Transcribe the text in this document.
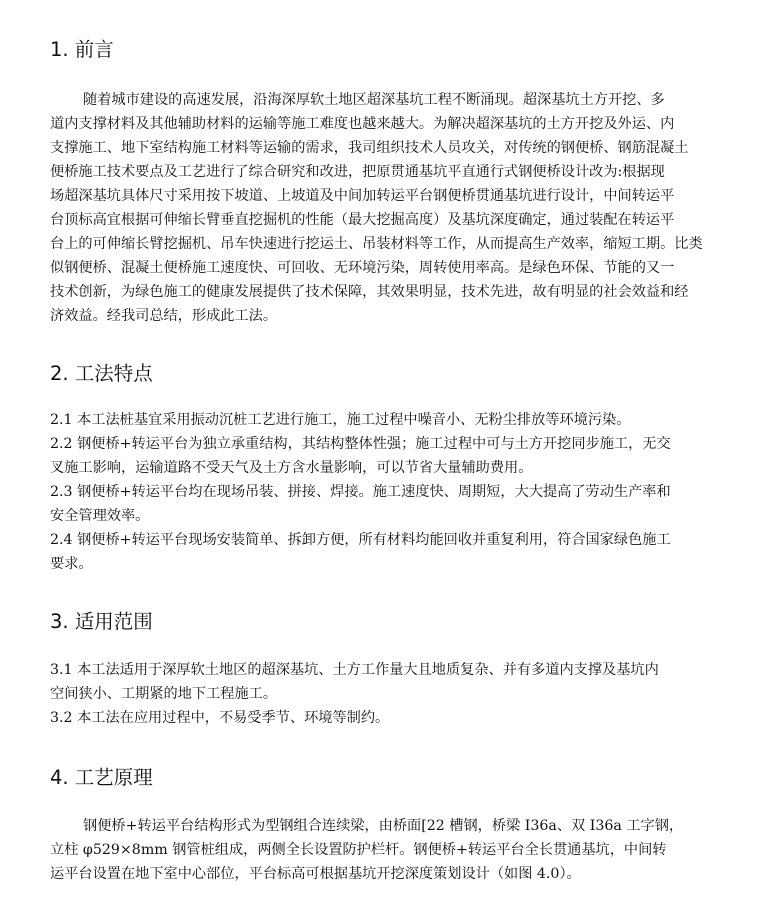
1. 前言

随着城市建设的高速发展，沿海深厚软土地区超深基坑工程不断涌现。超深基坑土方开挖、多

道内支撑材料及其他辅助材料的运输等施工难度也越来越大。为解决超深基坑的土方开挖及外运、内

支撑施工、地下室结构施工材料等运输的需求，我司组织技术人员攻关，对传统的钢便桥、钢筋混凝土

便桥施工技术要点及工艺进行了综合研究和改进，把原贯通基坑平直通行式钢便桥设计改为:根据现

场超深基坑具体尺寸采用按下坡道、上坡道及中间加转运平台钢便桥贯通基坑进行设计，中间转运平

台顶标高宜根据可伸缩长臂垂直挖掘机的性能（最大挖掘高度）及基坑深度确定，通过装配在转运平

台上的可伸缩长臂挖掘机、吊车快速进行挖运土、吊装材料等工作，从而提高生产效率，缩短工期。比类

似钢便桥、混凝土便桥施工速度快、可回收、无环境污染，周转使用率高。是绿色环保、节能的又一

技术创新，为绿色施工的健康发展提供了技术保障，其效果明显，技术先进，故有明显的社会效益和经

济效益。经我司总结，形成此工法。

2. 工法特点

2.1 本工法桩基宜采用振动沉桩工艺进行施工，施工过程中噪音小、无粉尘排放等环境污染。

2.2 钢便桥+转运平台为独立承重结构，其结构整体性强；施工过程中可与土方开挖同步施工，无交

叉施工影响，运输道路不受天气及土方含水量影响，可以节省大量辅助费用。

2.3 钢便桥+转运平台均在现场吊装、拼接、焊接。施工速度快、周期短，大大提高了劳动生产率和

安全管理效率。

2.4 钢便桥+转运平台现场安装简单、拆卸方便，所有材料均能回收并重复利用，符合国家绿色施工

要求。

3. 适用范围

3.1 本工法适用于深厚软土地区的超深基坑、土方工作量大且地质复杂、并有多道内支撑及基坑内

空间狭小、工期紧的地下工程施工。

3.2 本工法在应用过程中，不易受季节、环境等制约。

4. 工艺原理

钢便桥+转运平台结构形式为型钢组合连续梁，由桥面[22 槽钢，桥梁 I36a、双 I36a 工字钢，

立柱 φ529×8mm 钢管桩组成，两侧全长设置防护栏杆。钢便桥+转运平台全长贯通基坑，中间转

运平台设置在地下室中心部位，平台标高可根据基坑开挖深度策划设计（如图 4.0）。
